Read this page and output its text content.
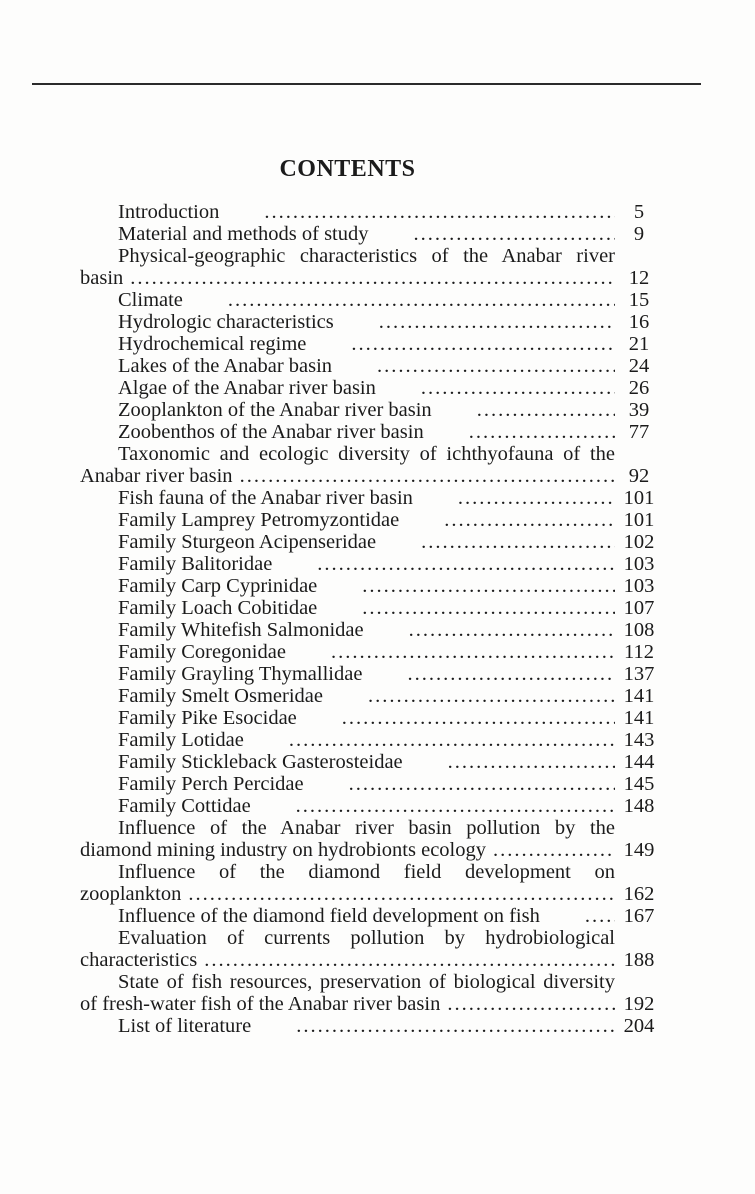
CONTENTS
Introduction	5
Material and methods of study	9
Physical-geographic characteristics of the Anabar river
basin	12
Climate	15
Hydrologic characteristics	16
Hydrochemical regime	21
Lakes of the Anabar basin	24
Algae of the Anabar river basin	26
Zooplankton of the Anabar river basin	39
Zoobenthos of the Anabar river basin	77
Taxonomic and ecologic diversity of ichthyofauna of the
Anabar river basin	92
Fish fauna of the Anabar river basin	101
Family Lamprey Petromyzontidae	101
Family Sturgeon Acipenseridae	102
Family Balitoridae	103
Family Carp Cyprinidae	103
Family Loach Cobitidae	107
Family Whitefish Salmonidae	108
Family Coregonidae	112
Family Grayling Thymallidae	137
Family Smelt Osmeridae	141
Family Pike Esocidae	141
Family Lotidae	143
Family Stickleback Gasterosteidae	144
Family Perch Percidae	145
Family Cottidae	148
Influence of the Anabar river basin pollution by the
diamond mining industry on hydrobionts ecology	149
Influence of the diamond field development on
zooplankton	162
Influence of the diamond field development on fish	167
Evaluation of currents pollution by hydrobiological
characteristics	188
State of fish resources, preservation of biological diversity
of fresh-water fish of the Anabar river basin	192
List of literature	204
